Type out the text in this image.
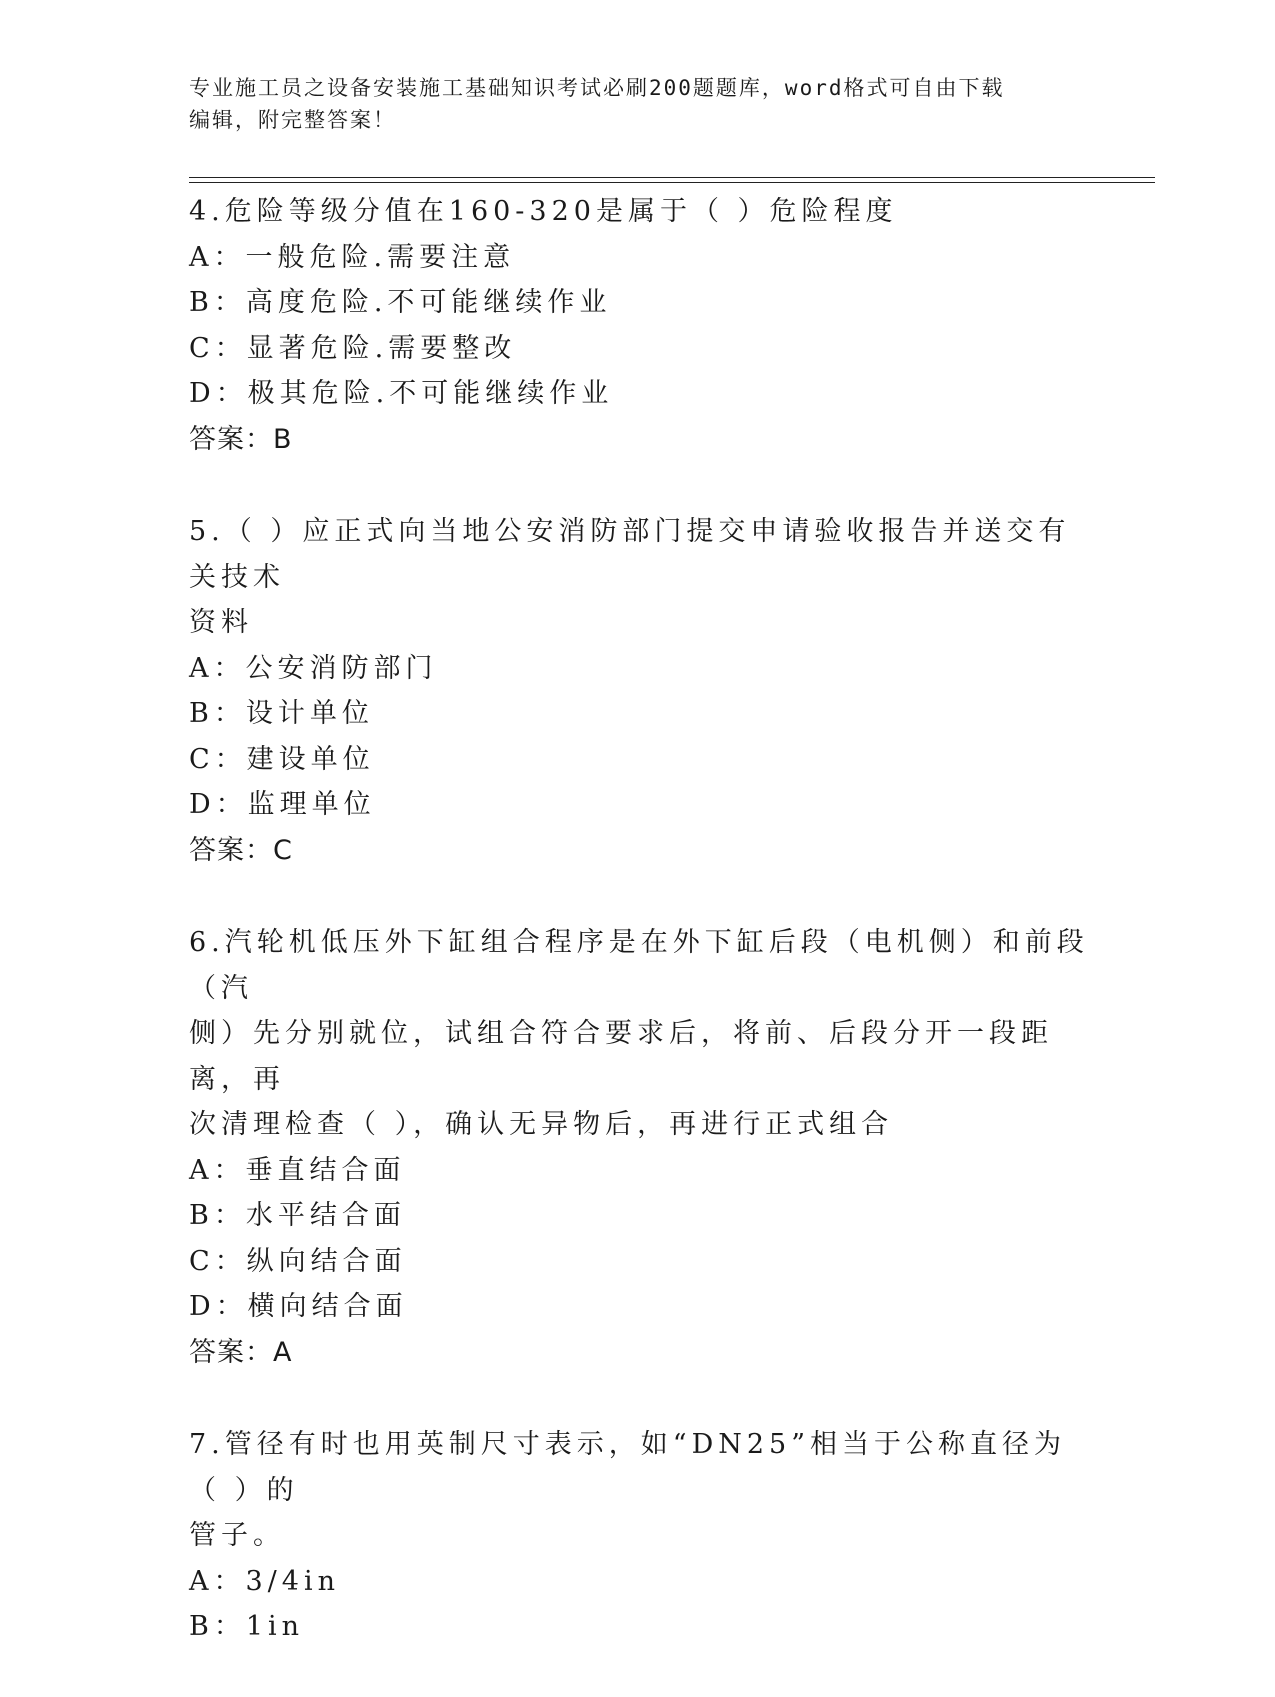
专业施工员之设备安装施工基础知识考试必刷200题题库，word格式可自由下载
编辑，附完整答案！
4.危险等级分值在160-320是属于（ ）危险程度
A：一般危险.需要注意
B：高度危险.不可能继续作业
C：显著危险.需要整改
D：极其危险.不可能继续作业
答案：B
5.（ ）应正式向当地公安消防部门提交申请验收报告并送交有关技术
资料
A：公安消防部门
B：设计单位
C：建设单位
D：监理单位
答案：C
6.汽轮机低压外下缸组合程序是在外下缸后段（电机侧）和前段（汽
侧）先分别就位，试组合符合要求后，将前、后段分开一段距离，再
次清理检查（ ），确认无异物后，再进行正式组合
A：垂直结合面
B：水平结合面
C：纵向结合面
D：横向结合面
答案：A
7.管径有时也用英制尺寸表示，如“DN25”相当于公称直径为（ ）的
管子。
A：3/4in
B：1in
